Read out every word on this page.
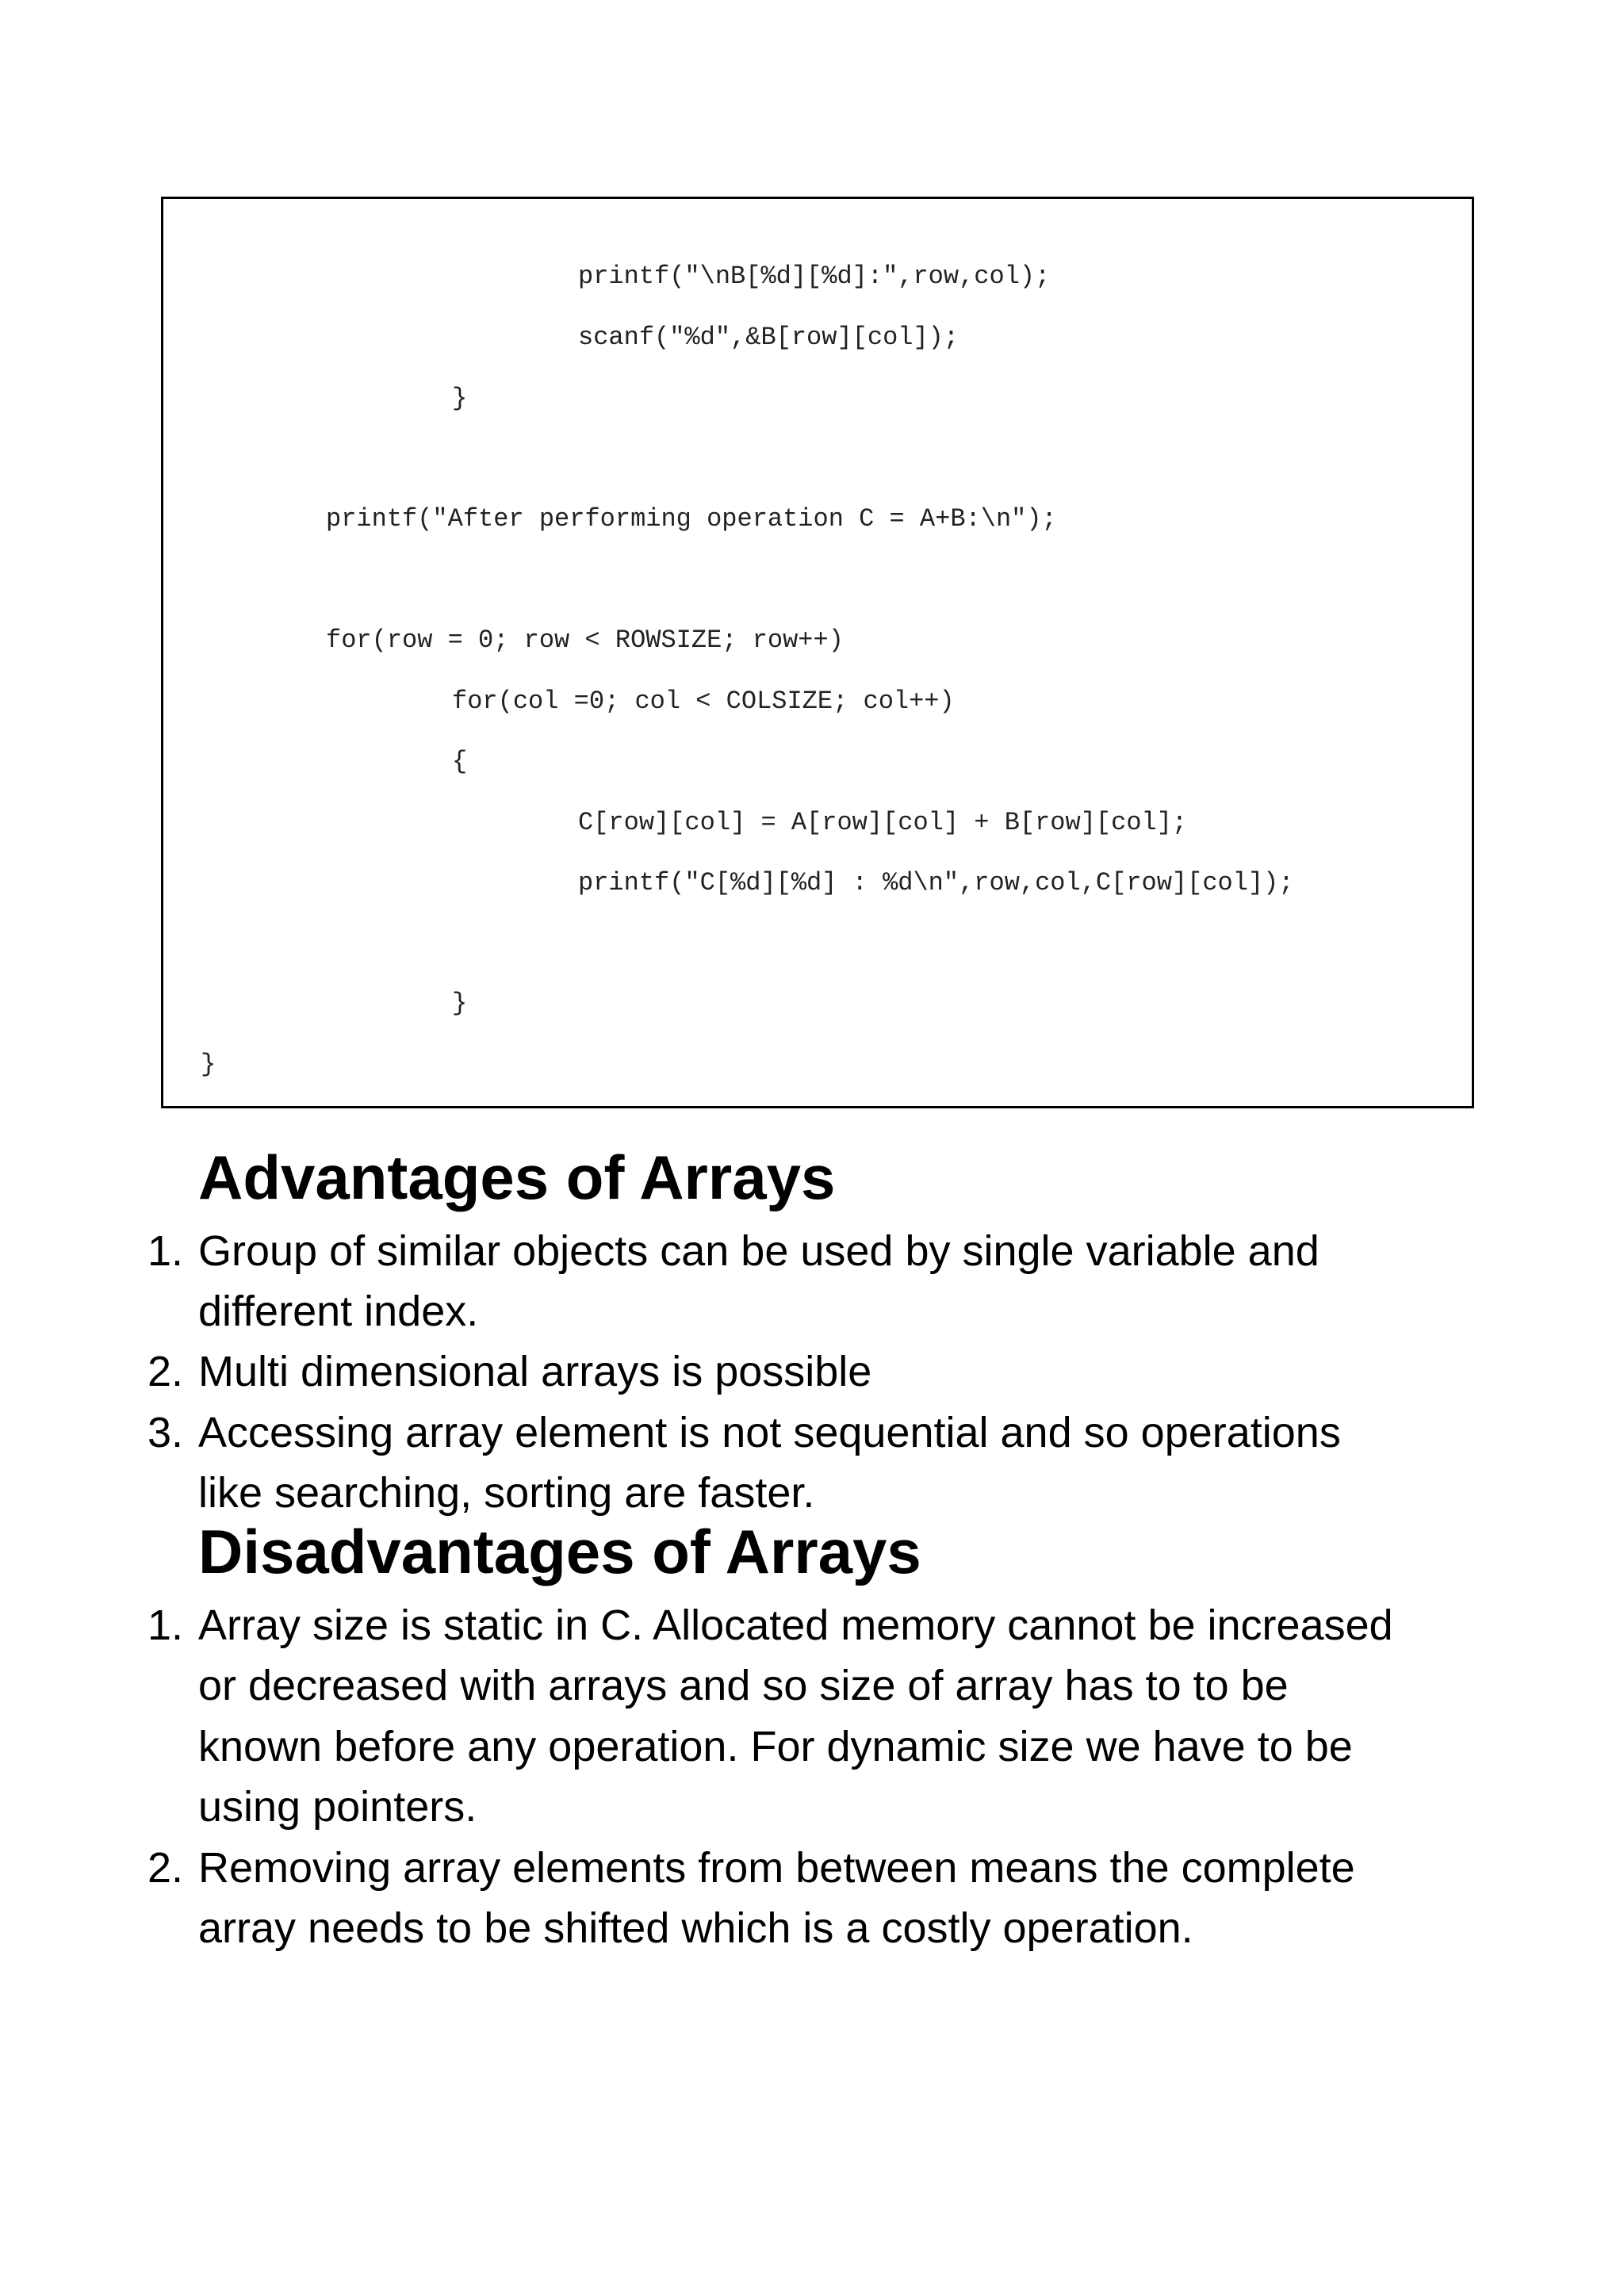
printf("\nB[%d][%d]:",row,col);
scanf("%d",&B[row][col]);
}
printf("After performing operation C = A+B:\n");
for(row = 0; row < ROWSIZE; row++)
for(col =0; col < COLSIZE; col++)
{
C[row][col] = A[row][col] + B[row][col];
printf("C[%d][%d] : %d\n",row,col,C[row][col]);
}
}
Advantages of Arrays
1. Group of similar objects can be used by single variable and
different index.
2. Multi dimensional arrays is possible
3. Accessing array element is not sequential and so operations
like searching, sorting are faster.
Disadvantages of Arrays
1. Array size is static in C. Allocated memory cannot be increased
or decreased with arrays and so size of array has to to be
known before any operation. For dynamic size we have to be
using pointers.
2. Removing array elements from between means the complete
array needs to be shifted which is a costly operation.
